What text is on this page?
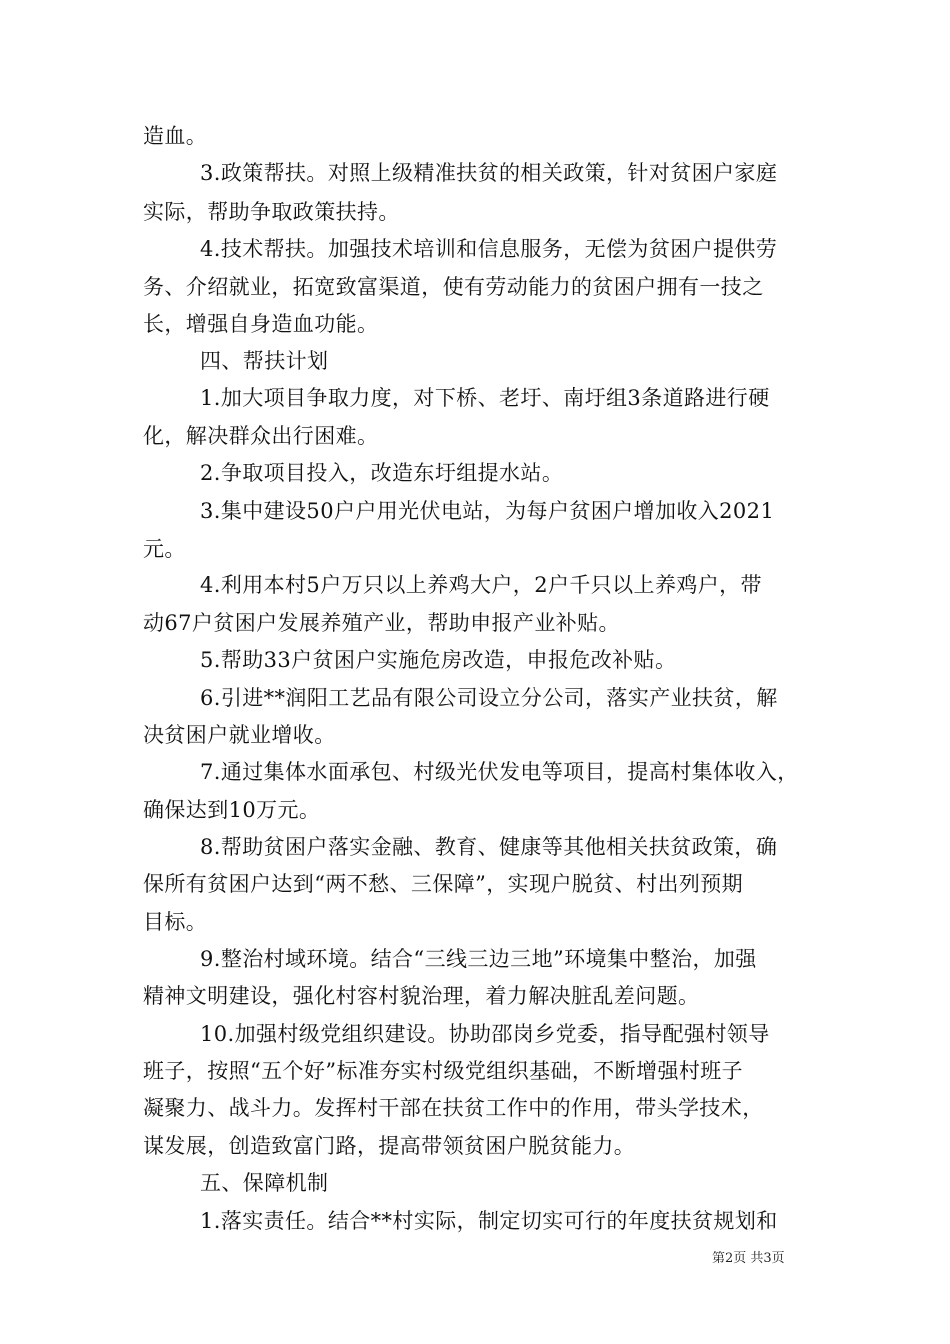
造血。
3.政策帮扶。对照上级精准扶贫的相关政策，针对贫困户家庭
实际，帮助争取政策扶持。
4.技术帮扶。加强技术培训和信息服务，无偿为贫困户提供劳
务、介绍就业，拓宽致富渠道，使有劳动能力的贫困户拥有一技之
长，增强自身造血功能。
四、帮扶计划
1.加大项目争取力度，对下桥、老圩、南圩组3条道路进行硬
化，解决群众出行困难。
2.争取项目投入，改造东圩组提水站。
3.集中建设50户户用光伏电站，为每户贫困户增加收入2021
元。
4.利用本村5户万只以上养鸡大户，2户千只以上养鸡户，带
动67户贫困户发展养殖产业，帮助申报产业补贴。
5.帮助33户贫困户实施危房改造，申报危改补贴。
6.引进**润阳工艺品有限公司设立分公司，落实产业扶贫，解
决贫困户就业增收。
7.通过集体水面承包、村级光伏发电等项目，提高村集体收入，
确保达到10万元。
8.帮助贫困户落实金融、教育、健康等其他相关扶贫政策，确
保所有贫困户达到“两不愁、三保障”，实现户脱贫、村出列预期
目标。
9.整治村域环境。结合“三线三边三地”环境集中整治，加强
精神文明建设，强化村容村貌治理，着力解决脏乱差问题。
10.加强村级党组织建设。协助邵岗乡党委，指导配强村领导
班子，按照“五个好”标准夯实村级党组织基础，不断增强村班子
凝聚力、战斗力。发挥村干部在扶贫工作中的作用，带头学技术，
谋发展，创造致富门路，提高带领贫困户脱贫能力。
五、保障机制
1.落实责任。结合**村实际，制定切实可行的年度扶贫规划和
第2页 共3页
